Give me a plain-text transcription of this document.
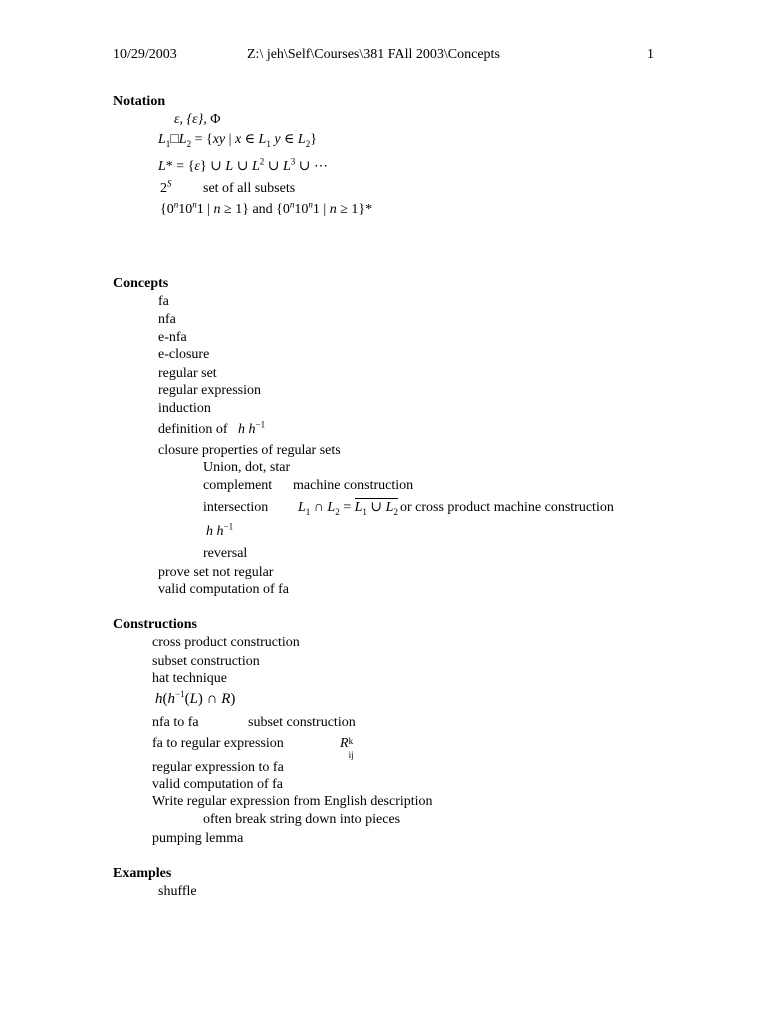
10/29/2003	Z:\ jeh\Self\Courses\381 FAll 2003\Concepts	1
Notation
ε, {ε}, Φ
$L_1□L_2 = \{xy$ | x ∈ $L_1$ y ∈ $L_2$}
L* = {ε} ∪ L ∪ $L^2$ ∪ $L^3$ ∪ ⋯
$2^S$ set of all subsets
{0$^n$10$^n$1 | n ≥ 1} and {0$^n$10$^n$1 | n ≥ 1}*
Concepts
fa
nfa
e-nfa
e-closure
regular set
regular expression
induction
definition of h $h^{-1}$
closure properties of regular sets
Union, dot, star
complement machine construction
intersection $L_1$ ∩ $L_2 = L_1$ ∪ $L_2$ or cross product machine construction
h $h^{-1}$
reversal
prove set not regular
valid computation of fa
Constructions
cross product construction
subset construction
hat technique
$h(h^{-1}(L)$ ∩ R)
nfa to fa	subset construction
fa to regular expression	R k
ij
regular expression to fa
valid computation of fa
Write regular expression from English description
often break string down into pieces
pumping lemma
Examples
shuffle
